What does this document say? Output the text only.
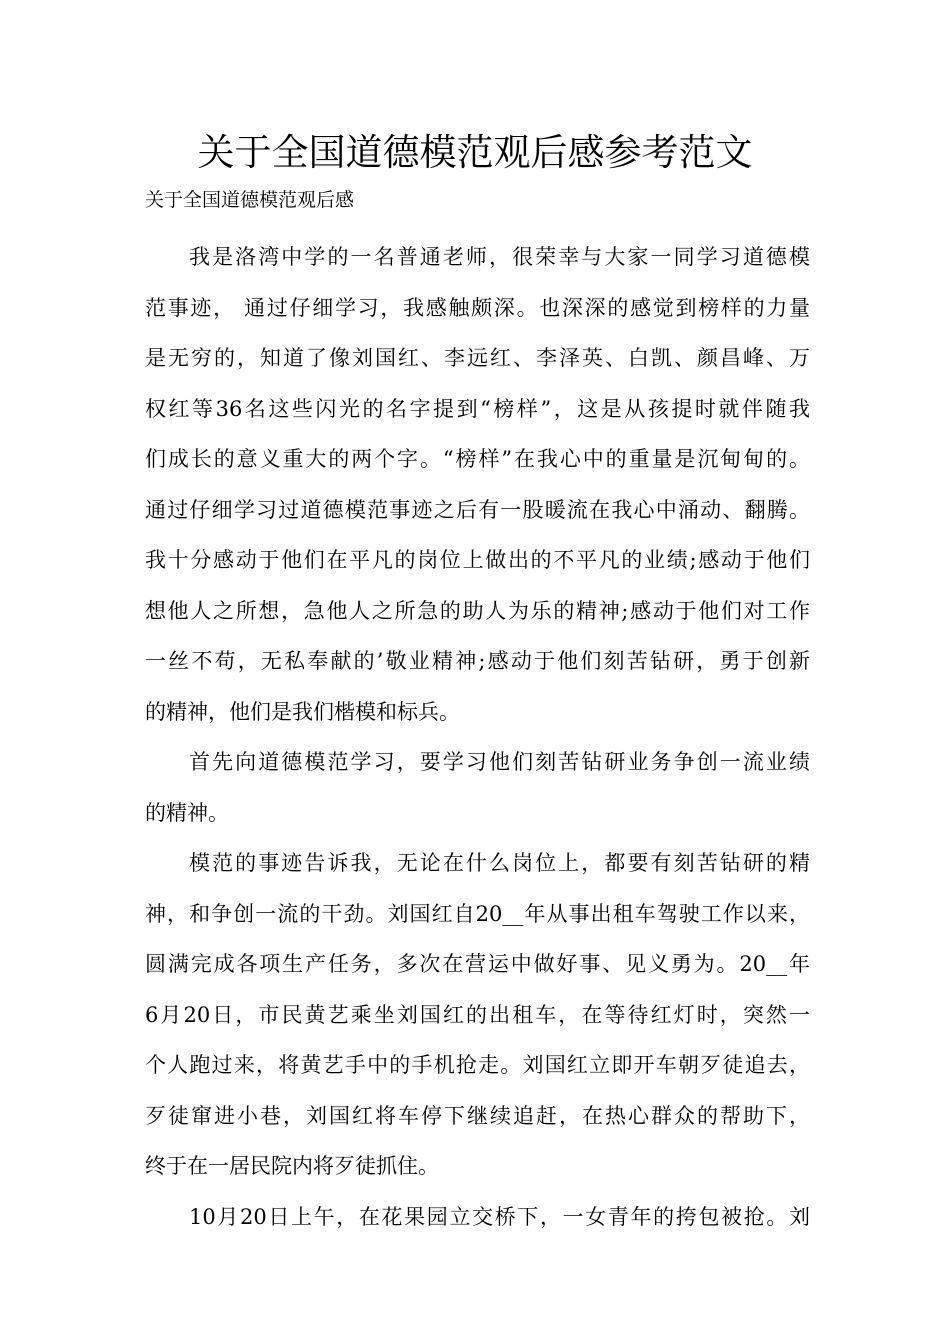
关于全国道德模范观后感参考范文

关于全国道德模范观后感

我是洛湾中学的一名普通老师，很荣幸与大家一同学习道德模
范事迹， 通过仔细学习，我感触颇深。也深深的感觉到榜样的力量
是无穷的，知道了像刘国红、李远红、李泽英、白凯、颜昌峰、万
权红等36名这些闪光的名字提到“榜样”，这是从孩提时就伴随我
们成长的意义重大的两个字。“榜样”在我心中的重量是沉甸甸的。
通过仔细学习过道德模范事迹之后有一股暖流在我心中涌动、翻腾。
我十分感动于他们在平凡的岗位上做出的不平凡的业绩;感动于他们
想他人之所想，急他人之所急的助人为乐的精神;感动于他们对工作
一丝不苟，无私奉献的’敬业精神;感动于他们刻苦钻研，勇于创新
的精神，他们是我们楷模和标兵。
首先向道德模范学习，要学习他们刻苦钻研业务争创一流业绩
的精神。
模范的事迹告诉我，无论在什么岗位上，都要有刻苦钻研的精
神，和争创一流的干劲。刘国红自20__年从事出租车驾驶工作以来，
圆满完成各项生产任务，多次在营运中做好事、见义勇为。20__年
6月20日，市民黄艺乘坐刘国红的出租车，在等待红灯时，突然一
个人跑过来，将黄艺手中的手机抢走。刘国红立即开车朝歹徒追去，
歹徒窜进小巷，刘国红将车停下继续追赶，在热心群众的帮助下，
终于在一居民院内将歹徒抓住。
10月20日上午，在花果园立交桥下，一女青年的挎包被抢。刘
